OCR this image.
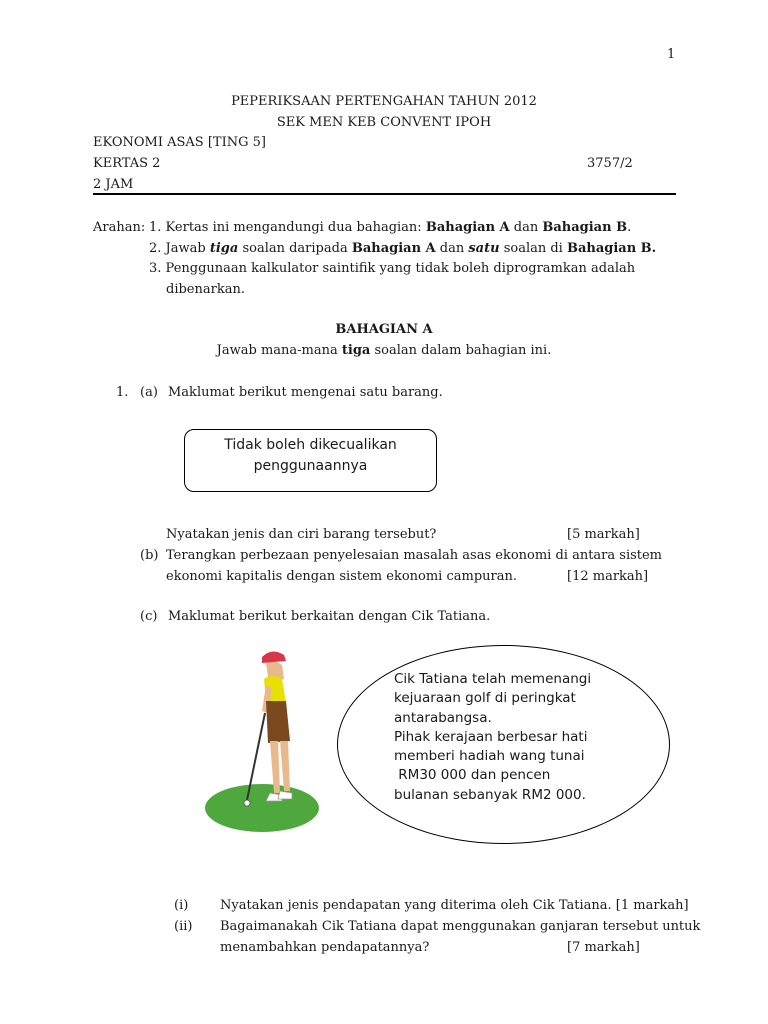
1
PEPERIKSAAN PERTENGAHAN TAHUN 2012
SEK MEN KEB CONVENT IPOH
EKONOMI ASAS [TING 5]
KERTAS 2	3757/2
2 JAM
Arahan: 1. Kertas ini mengandungi dua bahagian: Bahagian A dan Bahagian B.
2. Jawab tiga soalan daripada Bahagian A dan satu soalan di Bahagian B.
3. Penggunaan kalkulator saintifik yang tidak boleh diprogramkan adalah
dibenarkan.
BAHAGIAN A
Jawab mana-mana tiga soalan dalam bahagian ini.
1. (a) Maklumat berikut mengenai satu barang.
Tidak boleh dikecualikan
penggunaannya
Nyatakan jenis dan ciri barang tersebut?	[5 markah]
(b) Terangkan perbezaan penyelesaian masalah asas ekonomi di antara sistem
ekonomi kapitalis dengan sistem ekonomi campuran.	[12 markah]
(c) Maklumat berikut berkaitan dengan Cik Tatiana.
Cik Tatiana telah memenangi
kejuaraan golf di peringkat
antarabangsa.
Pihak kerajaan berbesar hati
memberi hadiah wang tunai
RM30 000 dan pencen
bulanan sebanyak RM2 000.
(i) Nyatakan jenis pendapatan yang diterima oleh Cik Tatiana. [1 markah]
(ii) Bagaimanakah Cik Tatiana dapat menggunakan ganjaran tersebut untuk
menambahkan pendapatannya?	[7 markah]
